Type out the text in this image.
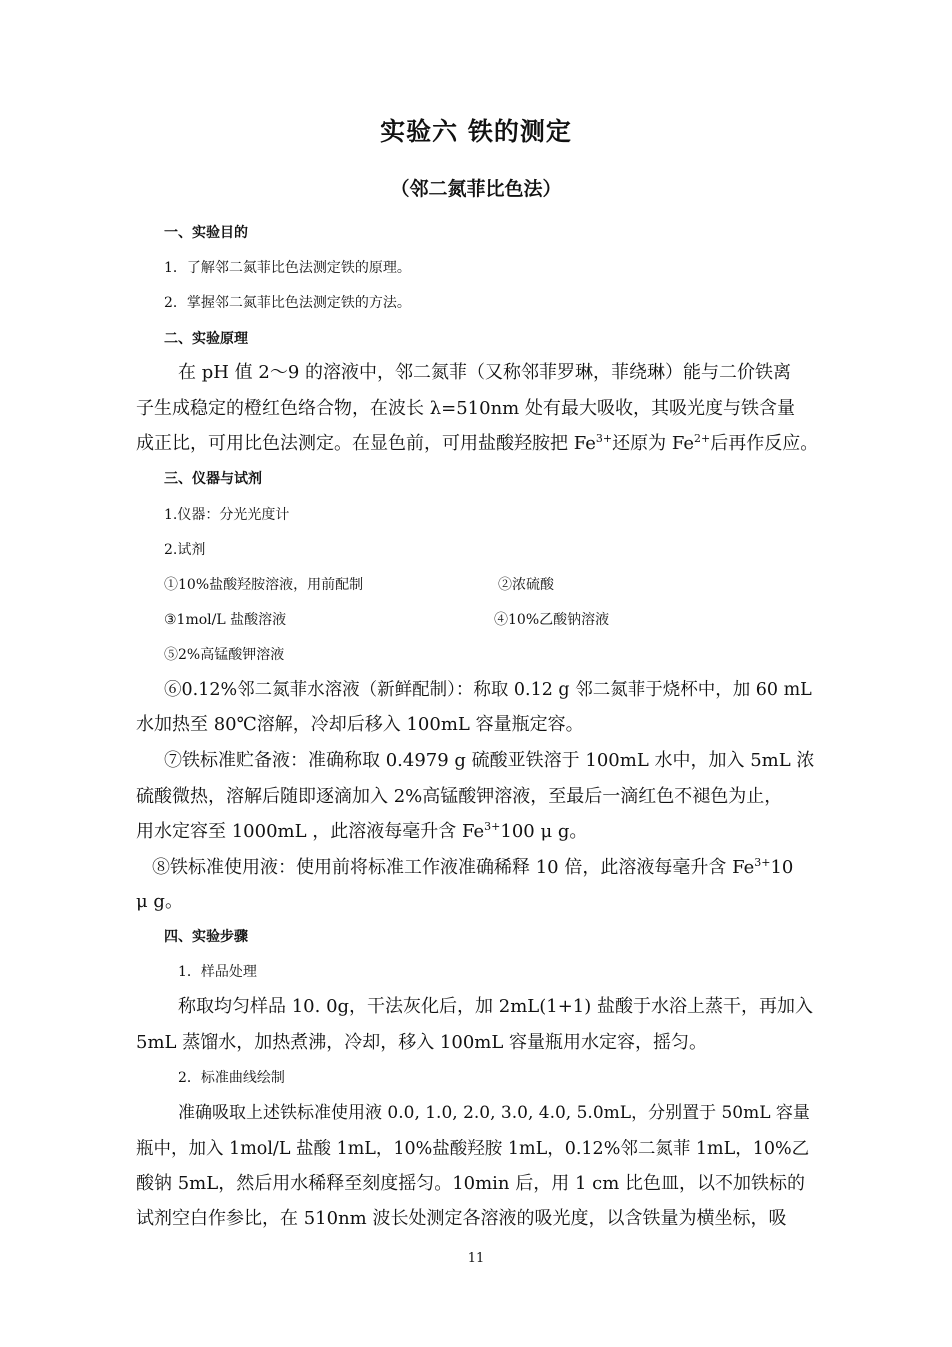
实验六 铁的测定
（邻二氮菲比色法）
一、实验目的
1．了解邻二氮菲比色法测定铁的原理。
2．掌握邻二氮菲比色法测定铁的方法。
二、实验原理
在 pH 值 2～9 的溶液中，邻二氮菲（又称邻菲罗琳，菲绕琳）能与二价铁离
子生成稳定的橙红色络合物，在波长 λ=510nm 处有最大吸收，其吸光度与铁含量
成正比，可用比色法测定。在显色前，可用盐酸羟胺把 $Fe^{3+}$还原为 $Fe^{2+}$后再作反应。
三、仪器与试剂
1.仪器：分光光度计
2.试剂
①10%盐酸羟胺溶液，用前配制	②浓硫酸
③1mol/L 盐酸溶液	④10%乙酸钠溶液
⑤2%高锰酸钾溶液
⑥0.12%邻二氮菲水溶液（新鲜配制）：称取 0.12 g 邻二氮菲于烧杯中，加 60 mL
水加热至 80℃溶解，冷却后移入 100mL 容量瓶定容。
⑦铁标准贮备液：准确称取 0.4979 g 硫酸亚铁溶于 100mL 水中，加入 5mL 浓
硫酸微热，溶解后随即逐滴加入 2%高锰酸钾溶液，至最后一滴红色不褪色为止，
用水定容至 1000mL ，此溶液每毫升含 $Fe^{3+}100$ μ g。
⑧铁标准使用液：使用前将标准工作液准确稀释 10 倍，此溶液每毫升含 $Fe^{3+}10$
μ g。
四、实验步骤
1．样品处理
称取均匀样品 10. 0g，干法灰化后，加 2mL(1+1) 盐酸于水浴上蒸干，再加入
5mL 蒸馏水，加热煮沸，冷却，移入 100mL 容量瓶用水定容，摇匀。
2．标准曲线绘制
准确吸取上述铁标准使用液 0.0, 1.0, 2.0, 3.0, 4.0, 5.0mL，分别置于 50mL 容量
瓶中，加入 1mol/L 盐酸 1mL，10%盐酸羟胺 1mL，0.12%邻二氮菲 1mL，10%乙
酸钠 5mL，然后用水稀释至刻度摇匀。10min 后，用 1 cm 比色皿，以不加铁标的
试剂空白作参比，在 510nm 波长处测定各溶液的吸光度，以含铁量为横坐标，吸
11
